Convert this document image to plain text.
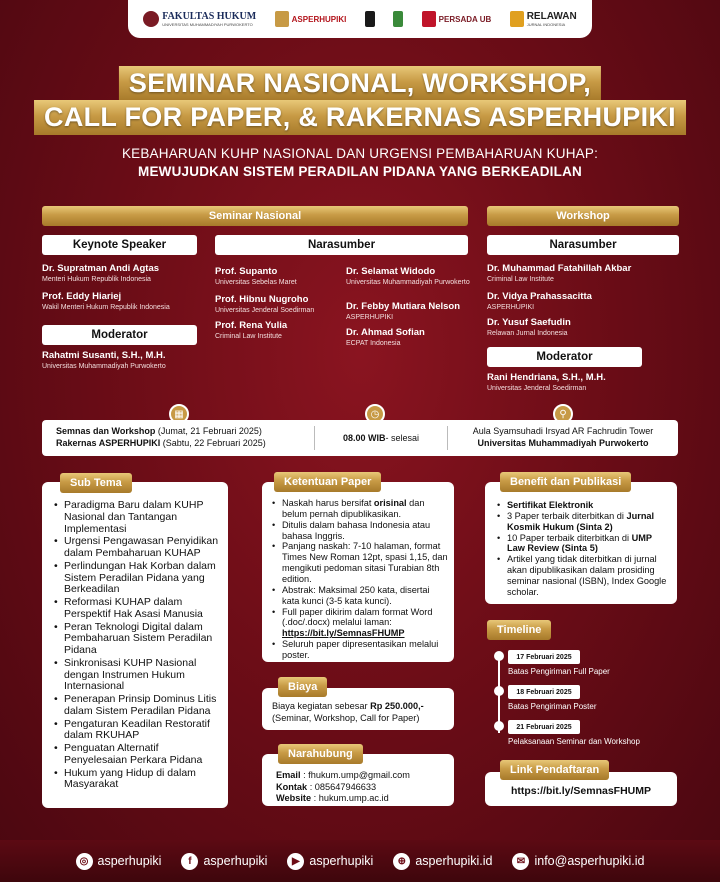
FAKULTAS HUKUM
UNIVERSITAS MUHAMMADIYAH PURWOKERTO
ASPERHUPIKI	PERSADA UB	RELAWAN
JURNAL INDONESIA
SEMINAR NASIONAL, WORKSHOP,
CALL FOR PAPER, & RAKERNAS ASPERHUPIKI
KEBAHARUAN KUHP NASIONAL DAN URGENSI PEMBAHARUAN KUHAP:
MEWUJUDKAN SISTEM PERADILAN PIDANA YANG BERKEADILAN
Seminar Nasional
Keynote Speaker	Narasumber
Dr. Supratman Andi Agtas
Menteri Hukum Republik Indonesia
Prof. Eddy Hiariej
Wakil Menteri Hukum Republik Indonesia
Moderator
Rahatmi Susanti, S.H., M.H.
Universitas Muhammadiyah Purwokerto
Prof. Supanto
Universitas Sebelas Maret
Prof. Hibnu Nugroho
Universitas Jenderal Soedirman
Prof. Rena Yulia
Criminal Law Institute
Dr. Selamat Widodo
Universitas Muhammadiyah Purwokerto
Dr. Febby Mutiara Nelson
ASPERHUPIKI
Dr. Ahmad Sofian
ECPAT Indonesia
Workshop
Narasumber
Dr. Muhammad Fatahillah Akbar
Criminal Law Institute
Dr. Vidya Prahassacitta
ASPERHUPIKI
Dr. Yusuf Saefudin
Relawan Jurnal Indonesia
Moderator
Rani Hendriana, S.H., M.H.
Universitas Jenderal Soedirman
▦	◷	⚲
Semnas dan Workshop (Jumat, 21 Februari 2025)
Rakernas ASPERHUPIKI (Sabtu, 22 Februari 2025)	08.00 WIB - selesai
Aula Syamsuhadi Irsyad AR Fachrudin Tower
Universitas Muhammadiyah Purwokerto
• Paradigma Baru dalam KUHP Nasional dan Tantangan Implementasi
• Urgensi Pengawasan Penyidikan dalam Pembaharuan KUHAP
• Perlindungan Hak Korban dalam Sistem Peradilan Pidana yang Berkeadilan
• Reformasi KUHAP dalam Perspektif Hak Asasi Manusia
• Peran Teknologi Digital dalam Pembaharuan Sistem Peradilan Pidana
• Sinkronisasi KUHP Nasional dengan Instrumen Hukum Internasional
• Penerapan Prinsip Dominus Litis dalam Sistem Peradilan Pidana
• Pengaturan Keadilan Restoratif dalam RKUHAP
• Penguatan Alternatif Penyelesaian Perkara Pidana
• Hukum yang Hidup di dalam Masyarakat
Sub Tema
• Naskah harus bersifat orisinal dan belum pernah dipublikasikan.
• Ditulis dalam bahasa Indonesia atau bahasa Inggris.
• Panjang naskah: 7-10 halaman, format Times New Roman 12pt, spasi 1,15, dan mengikuti pedoman sitasi Turabian 8th edition.
• Abstrak: Maksimal 250 kata, disertai kata kunci (3-5 kata kunci).
• Full paper dikirim dalam format Word (.doc/.docx) melalui laman: https://bit.ly/SemnasFHUMP
• Seluruh paper dipresentasikan melalui poster.
Ketentuan Paper
Biaya kegiatan sebesar Rp 250.000,-
(Seminar, Workshop, Call for Paper)
Biaya
Email : fhukum.ump@gmail.com
Kontak : 085647946633
Website : hukum.ump.ac.id
Narahubung
• Sertifikat Elektronik
• 3 Paper terbaik diterbitkan di Jurnal Kosmik Hukum (Sinta 2)
• 10 Paper terbaik diterbitkan di UMP Law Review (Sinta 5)
• Artikel yang tidak diterbitkan di jurnal akan dipublikasikan dalam prosiding seminar nasional (ISBN), Index Google scholar.
Benefit dan Publikasi
Timeline
17 Februari 2025
Batas Pengiriman Full Paper
18 Februari 2025
Batas Pengiriman Poster
21 Februari 2025
Pelaksanaan Seminar dan Workshop
https://bit.ly/SemnasFHUMP
Link Pendaftaran
◎ asperhupiki	f asperhupiki	▶ asperhupiki	⊕ asperhupiki.id	✉ info@asperhupiki.id
